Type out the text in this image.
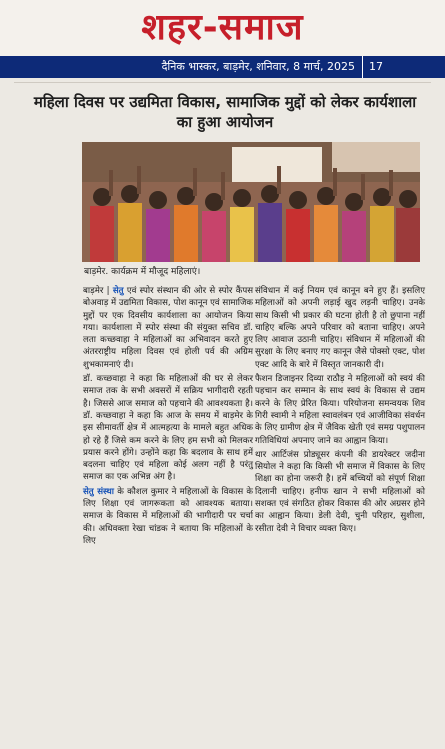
शहर-समाज
दैनिक भास्कर, बाड़मेर, शनिवार, 8 मार्च, 2025	17
महिला दिवस पर उद्यमिता विकास, सामाजिक मुद्दों को लेकर कार्यशाला का हुआ आयोजन
बाड़मेर. कार्यक्रम में मौजूद महिलाएं।

बाड़मेर | सेतु एवं स्पोर संस्थान की ओर से स्पोर कैंपस बोअवाड़ में उद्यमिता विकास, पोश कानून एवं सामाजिक मुद्दों पर एक दिवसीय कार्यशाला का आयोजन किया गया। कार्यशाला में स्पोर संस्था की संयुक्त सचिव डॉ. लता कच्छवाहा ने महिलाओं का अभिवादन करते हुए अंतरराष्ट्रीय महिला दिवस एवं होली पर्व की अग्रिम शुभकामनाएं दी।

डॉ. कच्छवाहा ने कहा कि महिलाओं की घर से लेकर समाज तक के सभी अवसरों में सक्रिय भागीदारी रहती है। जिससे आज समाज को पहचाने की आवश्यकता है। डॉ. कच्छवाहा ने कहा कि आज के समय में बाड़मेर के इस सीमावर्ती क्षेत्र में आत्महत्या के मामले बहुत अधिक हो रहे हैं जिसे कम करने के लिए हम सभी को मिलकर प्रयास करने होंगे। उन्होंने कहा कि बदलाव के साथ हमें बदलना चाहिए एवं महिला कोई अलग नहीं है परंतु समाज का एक अभिन्न अंग है।

सेतु संस्था के कौशल कुमार ने महिलाओं के विकास के लिए शिक्षा एवं जागरूकता को आवश्यक बताया। समाज के विकास में महिलाओं की भागीदारी पर चर्चा की। अधिवक्ता रेखा चांडक ने बताया कि महिलाओं के लिए

संविधान में कई नियम एवं कानून बने हुए हैं। इसलिए महिलाओं को अपनी लड़ाई खुद लड़नी चाहिए। उनके साथ किसी भी प्रकार की घटना होती है तो छुपाना नहीं चाहिए बल्कि अपने परिवार को बताना चाहिए। अपने लिए आवाज उठानी चाहिए। संविधान में महिलाओं की सुरक्षा के लिए बनाए गए कानून जैसे पोक्सो एक्ट, पोश एक्ट आदि के बारे में विस्तृत जानकारी दी।

फैशन डिजाइनर दिव्या राठौड़ ने महिलाओं को स्वयं की पहचान कर सम्मान के साथ स्वयं के विकास से उद्यम करने के लिए प्रेरित किया। परियोजना समन्वयक शिव गिरी स्वामी ने महिला स्वावलंबन एवं आजीविका संवर्धन के लिए ग्रामीण क्षेत्र में जैविक खेती एवं समग्र पशुपालन गतिविधियां अपनाए जाने का आह्वान किया।

थार आर्टिजंस प्रोड्यूसर कंपनी की डायरेक्टर जदीना सियोल ने कहा कि किसी भी समाज में विकास के लिए शिक्षा का होना जरूरी है। हमें बच्चियों को संपूर्ण शिक्षा दिलानी चाहिए। हनीफ खान ने सभी महिलाओं को सशक्त एवं संगठित होकर विकास की ओर अग्रसर होने का आह्वान किया। डेली देवी, चुनी परिहार, सुशीला, रसीता देवी ने विचार व्यक्त किए।
